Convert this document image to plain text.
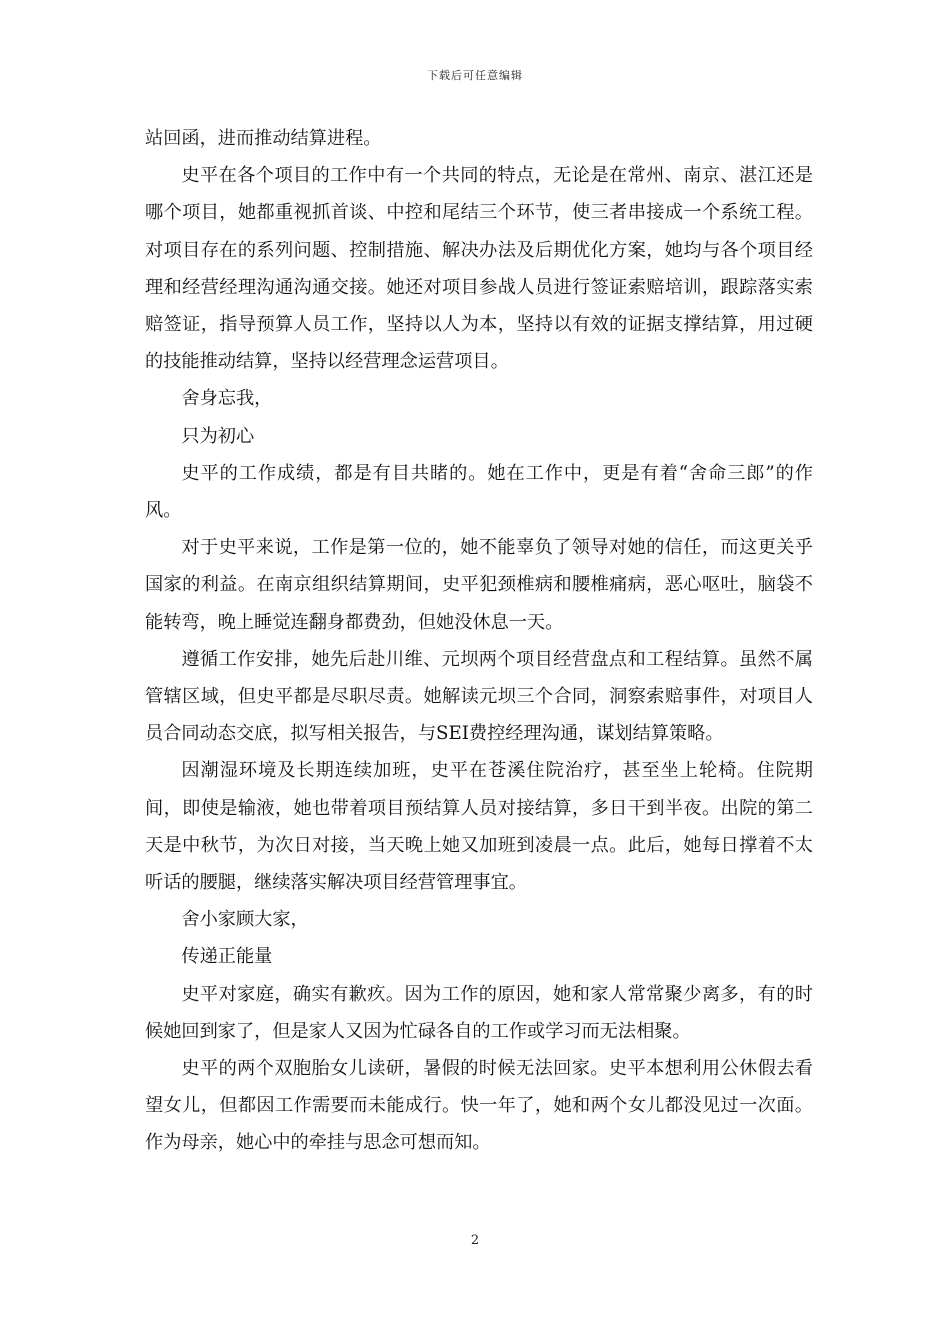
下载后可任意编辑

站回函，进而推动结算进程。

史平在各个项目的工作中有一个共同的特点，无论是在常州、南京、湛江还是哪个项目，她都重视抓首谈、中控和尾结三个环节，使三者串接成一个系统工程。对项目存在的系列问题、控制措施、解决办法及后期优化方案，她均与各个项目经理和经营经理沟通沟通交接。她还对项目参战人员进行签证索赔培训，跟踪落实索赔签证，指导预算人员工作，坚持以人为本，坚持以有效的证据支撑结算，用过硬的技能推动结算，坚持以经营理念运营项目。

舍身忘我，

只为初心

史平的工作成绩，都是有目共睹的。她在工作中，更是有着“舍命三郎”的作风。

对于史平来说，工作是第一位的，她不能辜负了领导对她的信任，而这更关乎国家的利益。在南京组织结算期间，史平犯颈椎病和腰椎痛病，恶心呕吐，脑袋不能转弯，晚上睡觉连翻身都费劲，但她没休息一天。

遵循工作安排，她先后赴川维、元坝两个项目经营盘点和工程结算。虽然不属管辖区域，但史平都是尽职尽责。她解读元坝三个合同，洞察索赔事件，对项目人员合同动态交底，拟写相关报告，与SEI费控经理沟通，谋划结算策略。

因潮湿环境及长期连续加班，史平在苍溪住院治疗，甚至坐上轮椅。住院期间，即使是输液，她也带着项目预结算人员对接结算，多日干到半夜。出院的第二天是中秋节，为次日对接，当天晚上她又加班到凌晨一点。此后，她每日撑着不太听话的腰腿，继续落实解决项目经营管理事宜。

舍小家顾大家，

传递正能量

史平对家庭，确实有歉疚。因为工作的原因，她和家人常常聚少离多，有的时候她回到家了，但是家人又因为忙碌各自的工作或学习而无法相聚。

史平的两个双胞胎女儿读研，暑假的时候无法回家。史平本想利用公休假去看望女儿，但都因工作需要而未能成行。快一年了，她和两个女儿都没见过一次面。作为母亲，她心中的牵挂与思念可想而知。

2
